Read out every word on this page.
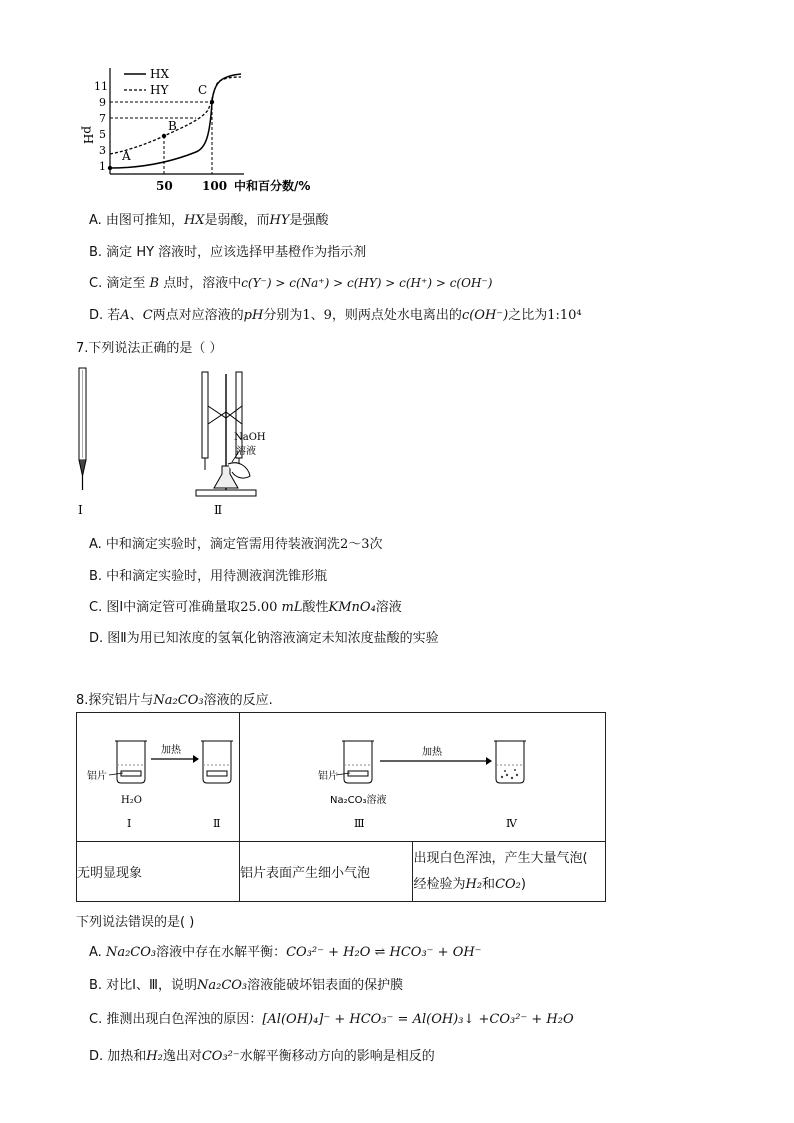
HX
HY
pH
11
9
7
5
3
1
A
B
C
50 100 中和百分数/%
A. 由图可推知，HX是弱酸，而HY是强酸
B. 滴定 HY 溶液时，应该选择甲基橙作为指示剂
C. 滴定至 B 点时，溶液中c(Y⁻) > c(Na⁺) > c(HY) > c(H⁺) > c(OH⁻)
D. 若A、C两点对应溶液的pH分别为1、9，则两点处水电离出的c(OH⁻)之比为1:10⁴
7.下列说法正确的是（ ）
Ⅰ
NaOH
溶液
Ⅱ
A. 中和滴定实验时，滴定管需用待装液润洗2～3次
B. 中和滴定实验时，用待测液润洗锥形瓶
C. 图Ⅰ中滴定管可准确量取25.00 mL酸性KMnO₄溶液
D. 图Ⅱ为用已知浓度的氢氧化钠溶液滴定未知浓度盐酸的实验
8.探究铝片与Na₂CO₃溶液的反应.
加热
铝片
H₂O
Ⅰ Ⅱ	铝片
加热
Na₂CO₃溶液
Ⅲ Ⅳ	

无明显现象	铝片表面产生细小气泡	出现白色浑浊，产生大量气泡(
经检验为H₂和CO₂)
下列说法错误的是( )
A. Na₂CO₃溶液中存在水解平衡：CO₃²⁻ + H₂O ⇌ HCO₃⁻ + OH⁻
B. 对比Ⅰ、Ⅲ，说明Na₂CO₃溶液能破坏铝表面的保护膜
C. 推测出现白色浑浊的原因：[Al(OH)₄]⁻ + HCO₃⁻ = Al(OH)₃↓ +CO₃²⁻ + H₂O
D. 加热和H₂逸出对CO₃²⁻水解平衡移动方向的影响是相反的
